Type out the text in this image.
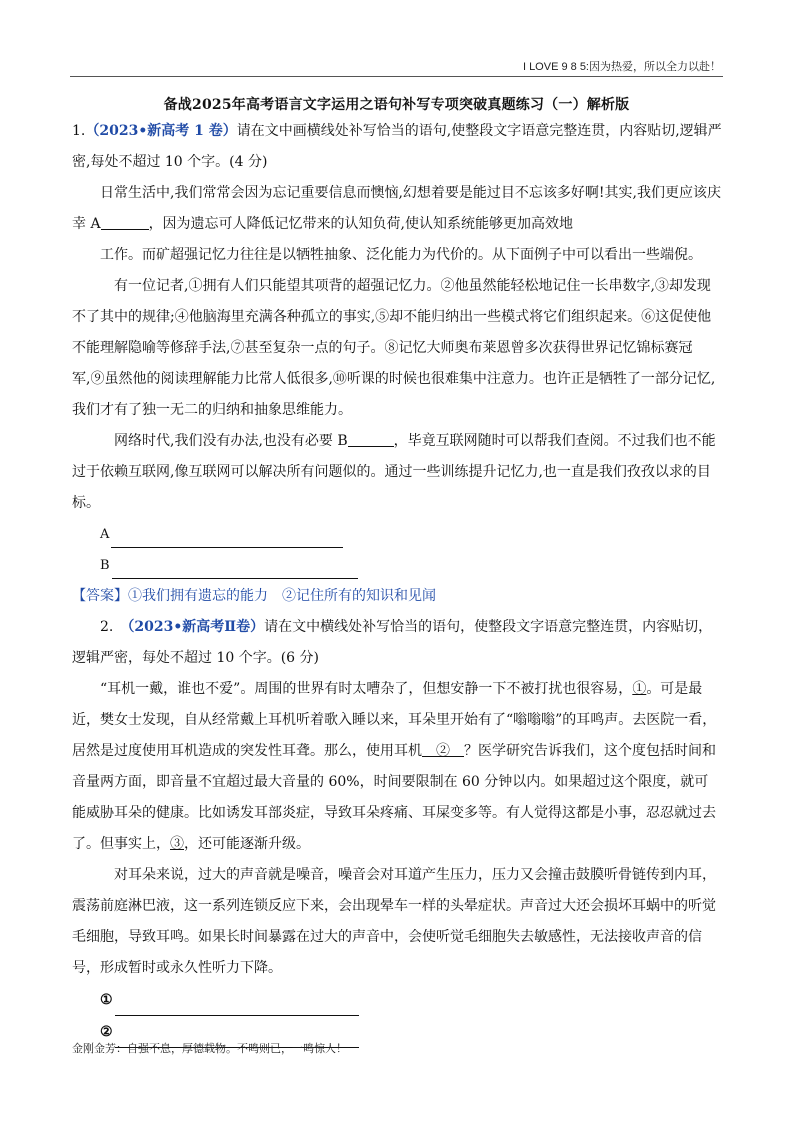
I LOVE 9 8 5:因为热爱，所以全力以赴！
备战2025年高考语言文字运用之语句补写专项突破真题练习（一）解析版

1.（2023•新高考 1 卷）请在文中画横线处补写恰当的语句,使整段文字语意完整连贯，内容贴切,逻辑严密,每处不超过 10 个字。(4 分)

日常生活中,我们常常会因为忘记重要信息而懊恼,幻想着要是能过目不忘该多好啊!其实,我们更应该庆幸 A	，因为遗忘可人降低记忆带来的认知负荷,使认知系统能够更加高效地

工作。而矿超强记忆力往往是以牺牲抽象、泛化能力为代价的。从下面例子中可以看出一些端倪。

有一位记者,①拥有人们只能望其项背的超强记忆力。②他虽然能轻松地记住一长串数字,③却发现不了其中的规律;④他脑海里充满各种孤立的事实,⑤却不能归纳出一些模式将它们组织起来。⑥这促使他不能理解隐喻等修辞手法,⑦甚至复杂一点的句子。⑧记忆大师奥布莱恩曾多次获得世界记忆锦标赛冠军,⑨虽然他的阅读理解能力比常人低很多,⑩听课的时候也很难集中注意力。也许正是牺牲了一部分记忆,我们才有了独一无二的归纳和抽象思维能力。

网络时代,我们没有办法,也没有必要 B	，毕竟互联网随时可以帮我们查阅。不过我们也不能过于依赖互联网,像互联网可以解决所有问题似的。通过一些训练提升记忆力,也一直是我们孜孜以求的目标。

A
B

【答案】①我们拥有遗忘的能力　②记住所有的知识和见闻

2.　 （2023•新高考Ⅱ卷）请在文中横线处补写恰当的语句，使整段文字语意完整连贯，内容贴切，逻辑严密，每处不超过 10 个字。(6 分)

“耳机一戴，谁也不爱”。周围的世界有时太嘈杂了，但想安静一下不被打扰也很容易，①。可是最近，樊女士发现，自从经常戴上耳机听着歌入睡以来，耳朵里开始有了“嗡嗡嗡”的耳鸣声。去医院一看，居然是过度使用耳机造成的突发性耳聋。那么，使用耳机　②　？医学研究告诉我们，这个度包括时间和音量两方面，即音量不宜超过最大音量的 60%，时间要限制在 60 分钟以内。如果超过这个限度，就可能威胁耳朵的健康。比如诱发耳部炎症，导致耳朵疼痛、耳屎变多等。有人觉得这都是小事，忍忍就过去了。但事实上，③，还可能逐渐升级。

对耳朵来说，过大的声音就是噪音，噪音会对耳道产生压力，压力又会撞击鼓膜听骨链传到内耳，震荡前庭淋巴液，这一系列连锁反应下来，会出现晕车一样的头晕症状。声音过大还会损坏耳蜗中的听觉毛细胞，导致耳鸣。如果长时间暴露在过大的声音中，会使听觉毛细胞失去敏感性，无法接收声音的信号，形成暂时或永久性听力下降。

①
②
金刚金芳：自强不息，厚德载物。不鸣则已，一鸣惊人！
